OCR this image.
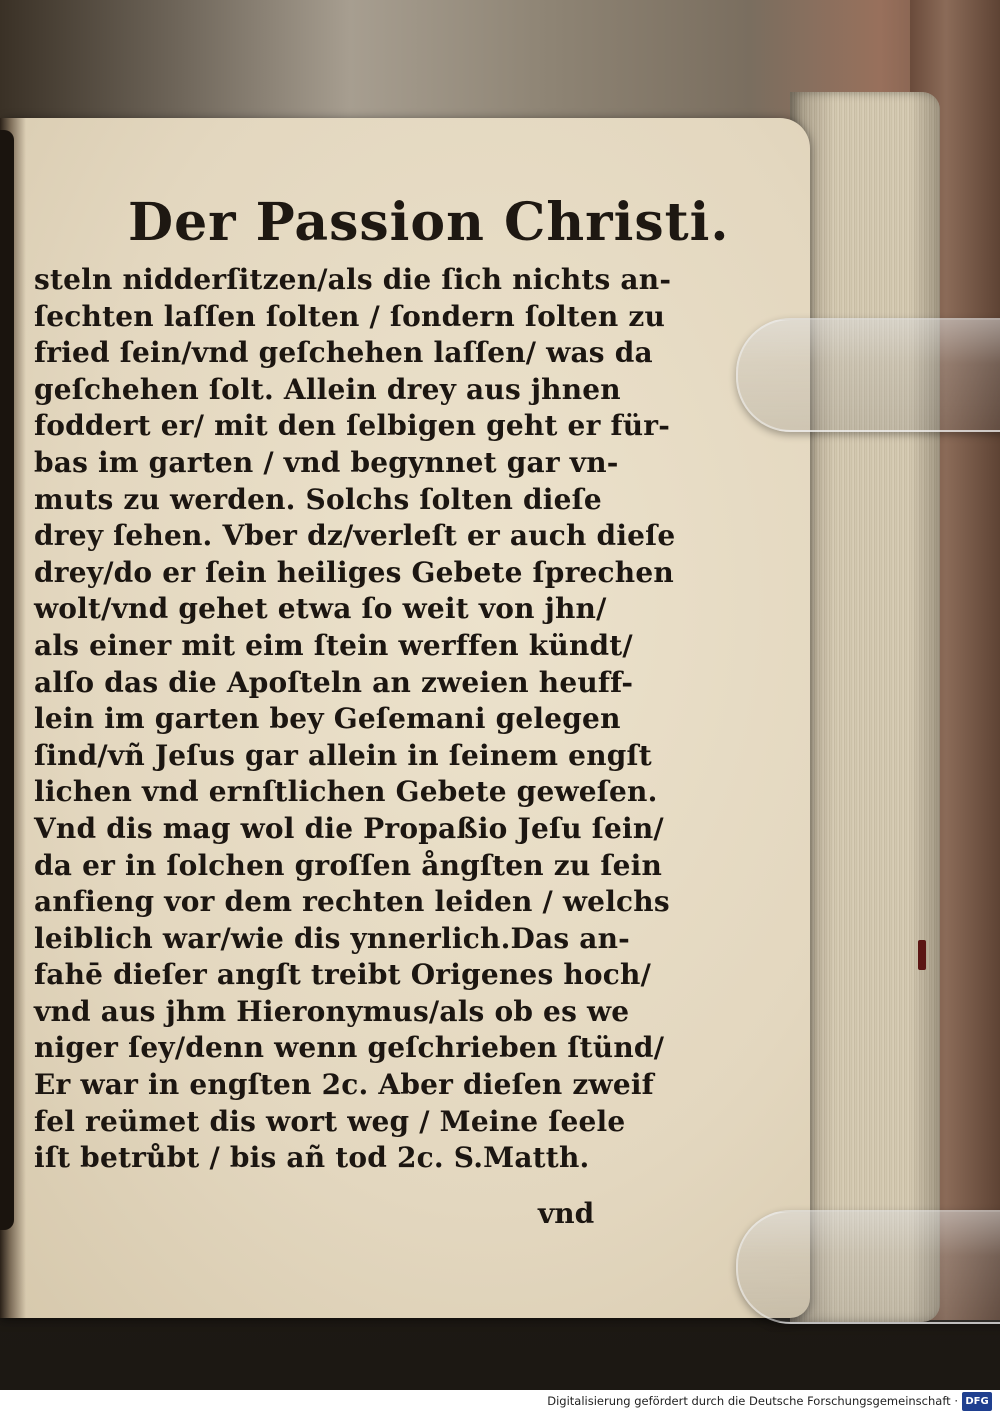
Der Passion Christi.
steln nidderſitzen/als die ſich nichts an-
ſechten laſſen ſolten / ſondern ſolten zu
fried ſein/vnd geſchehen laſſen/ was da
geſchehen ſolt. Allein drey aus jhnen
foddert er/ mit den ſelbigen geht er für-
bas im garten / vnd begynnet gar vn-
muts zu werden. Solchs ſolten dieſe
drey ſehen. Vber dz/verleſt er auch dieſe
drey/do er ſein heiliges Gebete ſprechen
wolt/vnd gehet etwa ſo weit von jhn/
als einer mit eim ſtein werffen kündt/
alſo das die Apoſteln an zweien heuff-
lein im garten bey Geſemani gelegen
ſind/vñ Jeſus gar allein in ſeinem engſt
lichen vnd ernſtlichen Gebete geweſen.
Vnd dis mag wol die Propaßio Jeſu ſein/
da er in ſolchen groſſen ångſten zu ſein
anfieng vor dem rechten leiden / welchs
leiblich war/wie dis ynnerlich.Das an-
fahē dieſer angſt treibt Origenes hoch/
vnd aus jhm Hieronymus/als ob es we
niger ſey/denn wenn geſchrieben ſtünd/
Er war in engſten 2c. Aber dieſen zweif
fel reümet dis wort weg / Meine ſeele
iſt betrůbt / bis añ tod 2c. S.Matth.
vnd
Digitalisierung gefördert durch die Deutsche Forschungsgemeinschaft · DFG
